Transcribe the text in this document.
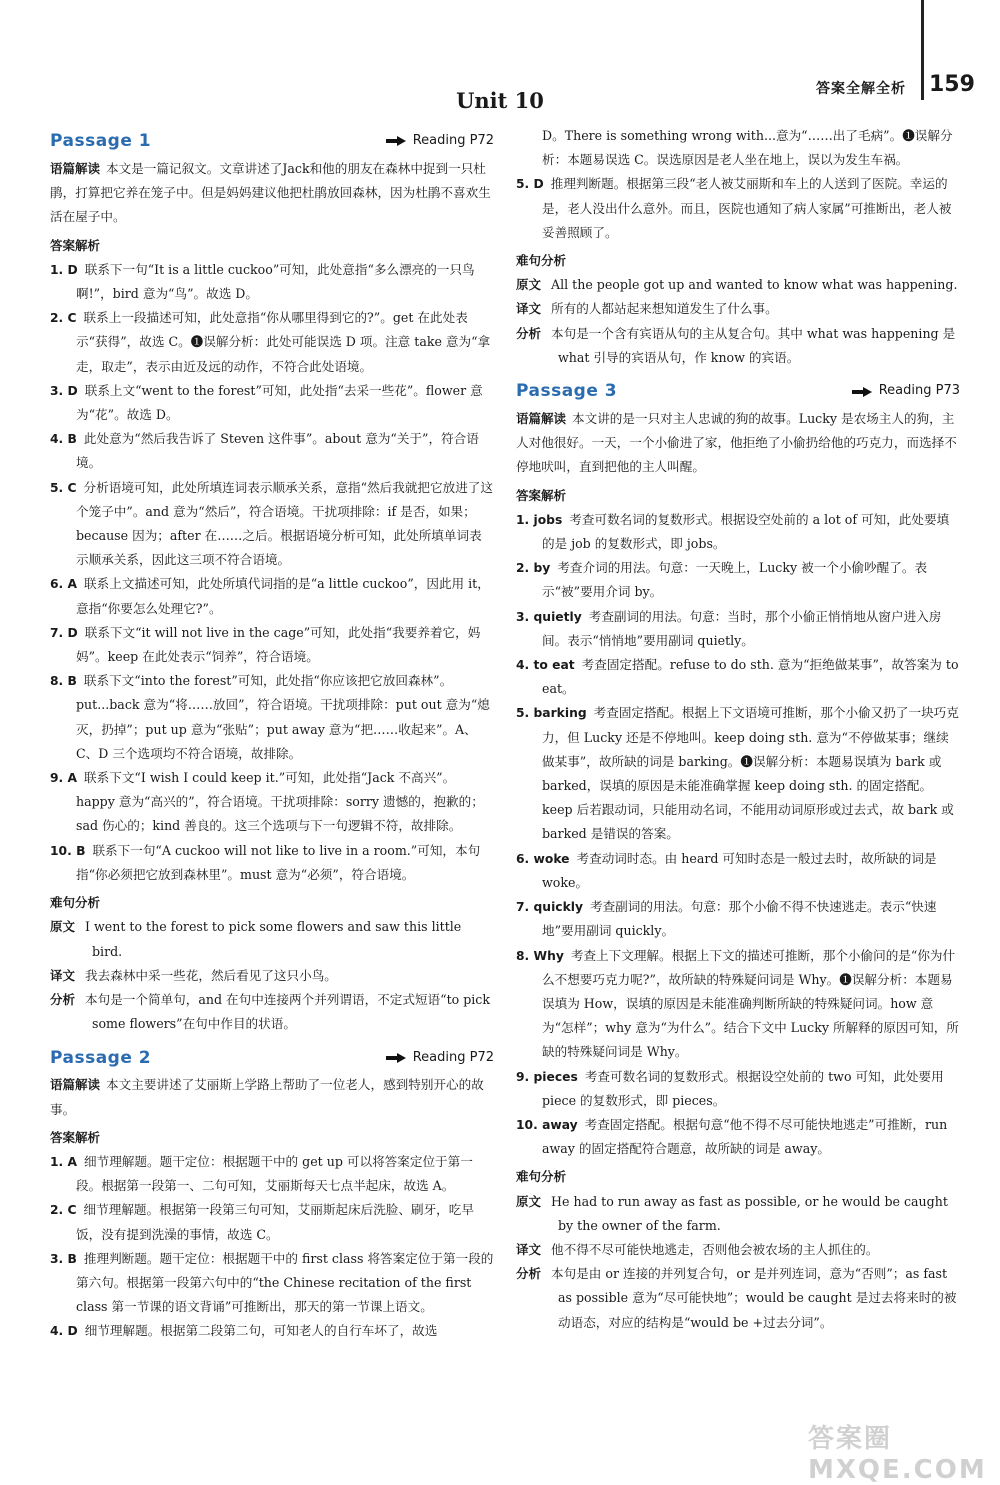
答案全解全析 159
Unit 10
Passage 1	Reading P72

语篇解读 本文是一篇记叙文。文章讲述了Jack和他的朋友在森林中捉到一只杜鹃，打算把它养在笼子中。但是妈妈建议他把杜鹃放回森林，因为杜鹃不喜欢生活在屋子中。

答案解析

1. D 联系下一句“It is a little cuckoo”可知，此处意指“多么漂亮的一只鸟啊!”，bird 意为“鸟”。故选 D。

2. C 联系上一段描述可知，此处意指“你从哪里得到它的?”。get 在此处表示“获得”，故选 C。❶误解分析：此处可能误选 D 项。注意 take 意为“拿走，取走”，表示由近及远的动作，不符合此处语境。

3. D 联系上文“went to the forest”可知，此处指“去采一些花”。flower 意为“花”。故选 D。

4. B 此处意为“然后我告诉了 Steven 这件事”。about 意为“关于”，符合语境。

5. C 分析语境可知，此处所填连词表示顺承关系，意指“然后我就把它放进了这个笼子中”。and 意为“然后”，符合语境。干扰项排除：if 是否，如果；because 因为；after 在……之后。根据语境分析可知，此处所填单词表示顺承关系，因此这三项不符合语境。

6. A 联系上文描述可知，此处所填代词指的是“a little cuckoo”，因此用 it，意指“你要怎么处理它?”。

7. D 联系下文“it will not live in the cage”可知，此处指“我要养着它，妈妈”。keep 在此处表示“饲养”，符合语境。

8. B 联系下文“into the forest”可知，此处指“你应该把它放回森林”。put...back 意为“将……放回”，符合语境。干扰项排除：put out 意为“熄灭，扔掉”；put up 意为“张贴”；put away 意为“把……收起来”。A、C、D 三个选项均不符合语境，故排除。

9. A 联系下文“I wish I could keep it.”可知，此处指“Jack 不高兴”。happy 意为“高兴的”，符合语境。干扰项排除：sorry 遗憾的，抱歉的；sad 伤心的；kind 善良的。这三个选项与下一句逻辑不符，故排除。

10. B 联系下一句“A cuckoo will not like to live in a room.”可知，本句指“你必须把它放到森林里”。must 意为“必须”，符合语境。

难句分析

原文 I went to the forest to pick some flowers and saw this little bird.

译文 我去森林中采一些花，然后看见了这只小鸟。

分析 本句是一个简单句，and 在句中连接两个并列谓语，不定式短语“to pick some flowers”在句中作目的状语。

Passage 2	Reading P72

语篇解读 本文主要讲述了艾丽斯上学路上帮助了一位老人，感到特别开心的故事。

答案解析

1. A 细节理解题。题干定位：根据题干中的 get up 可以将答案定位于第一段。根据第一段第一、二句可知，艾丽斯每天七点半起床，故选 A。

2. C 细节理解题。根据第一段第三句可知，艾丽斯起床后洗脸、刷牙，吃早饭，没有提到洗澡的事情，故选 C。

3. B 推理判断题。题干定位：根据题干中的 first class 将答案定位于第一段的第六句。根据第一段第六句中的“the Chinese recitation of the first class 第一节课的语文背诵”可推断出，那天的第一节课上语文。

4. D 细节理解题。根据第二段第二句，可知老人的自行车坏了，故选

D。There is something wrong with...意为“……出了毛病”。❶误解分析：本题易误选 C。误选原因是老人坐在地上，误以为发生车祸。

5. D 推理判断题。根据第三段“老人被艾丽斯和车上的人送到了医院。幸运的是，老人没出什么意外。而且，医院也通知了病人家属”可推断出，老人被妥善照顾了。

难句分析

原文 All the people got up and wanted to know what was happening.

译文 所有的人都站起来想知道发生了什么事。

分析 本句是一个含有宾语从句的主从复合句。其中 what was happening 是 what 引导的宾语从句，作 know 的宾语。

Passage 3	Reading P73

语篇解读 本文讲的是一只对主人忠诚的狗的故事。Lucky 是农场主人的狗，主人对他很好。一天，一个小偷进了家，他拒绝了小偷扔给他的巧克力，而选择不停地吠叫，直到把他的主人叫醒。

答案解析

1. jobs 考查可数名词的复数形式。根据设空处前的 a lot of 可知，此处要填的是 job 的复数形式，即 jobs。

2. by 考查介词的用法。句意：一天晚上，Lucky 被一个小偷吵醒了。表示“被”要用介词 by。

3. quietly 考查副词的用法。句意：当时，那个小偷正悄悄地从窗户进入房间。表示“悄悄地”要用副词 quietly。

4. to eat 考查固定搭配。refuse to do sth. 意为“拒绝做某事”，故答案为 to eat。

5. barking 考查固定搭配。根据上下文语境可推断，那个小偷又扔了一块巧克力，但 Lucky 还是不停地叫。keep doing sth. 意为“不停做某事；继续做某事”，故所缺的词是 barking。❶误解分析：本题易误填为 bark 或 barked，误填的原因是未能准确掌握 keep doing sth. 的固定搭配。keep 后若跟动词，只能用动名词，不能用动词原形或过去式，故 bark 或 barked 是错误的答案。

6. woke 考查动词时态。由 heard 可知时态是一般过去时，故所缺的词是 woke。

7. quickly 考查副词的用法。句意：那个小偷不得不快速逃走。表示“快速地”要用副词 quickly。

8. Why 考查上下文理解。根据上下文的描述可推断，那个小偷问的是“你为什么不想要巧克力呢?”，故所缺的特殊疑问词是 Why。❶误解分析：本题易误填为 How，误填的原因是未能准确判断所缺的特殊疑问词。how 意为“怎样”；why 意为“为什么”。结合下文中 Lucky 所解释的原因可知，所缺的特殊疑问词是 Why。

9. pieces 考查可数名词的复数形式。根据设空处前的 two 可知，此处要用 piece 的复数形式，即 pieces。

10. away 考查固定搭配。根据句意“他不得不尽可能快地逃走”可推断，run away 的固定搭配符合题意，故所缺的词是 away。

难句分析

原文 He had to run away as fast as possible, or he would be caught by the owner of the farm.

译文 他不得不尽可能快地逃走，否则他会被农场的主人抓住的。

分析 本句是由 or 连接的并列复合句，or 是并列连词，意为“否则”；as fast as possible 意为“尽可能快地”；would be caught 是过去将来时的被动语态，对应的结构是“would be +过去分词”。

答案圈 MXQE.COM
